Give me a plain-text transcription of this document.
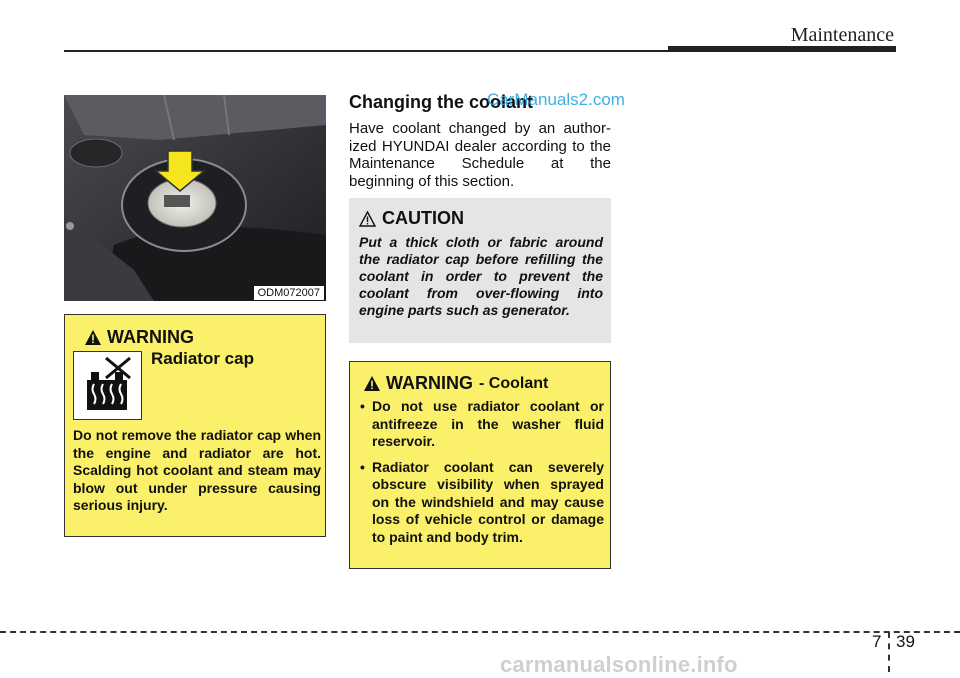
Maintenance
ODM072007
WARNING
Radiator cap
Do not remove the radiator cap when the engine and radiator are hot. Scalding hot coolant and steam may blow out under pressure causing serious injury.
Changing the coolant
CarManuals2.com
Have coolant changed by an author-ized HYUNDAI dealer according to the Maintenance Schedule at the beginning of this section.
CAUTION
Put a thick cloth or fabric around the radiator cap before refilling the coolant in order to prevent the coolant from over-flowing into engine parts such as generator.
WARNING - Coolant
• Do not use radiator coolant or antifreeze in the washer fluid reservoir.
• Radiator coolant can severely obscure visibility when sprayed on the windshield and may cause loss of vehicle control or damage to paint and body trim.
7 39
carmanualsonline.info
